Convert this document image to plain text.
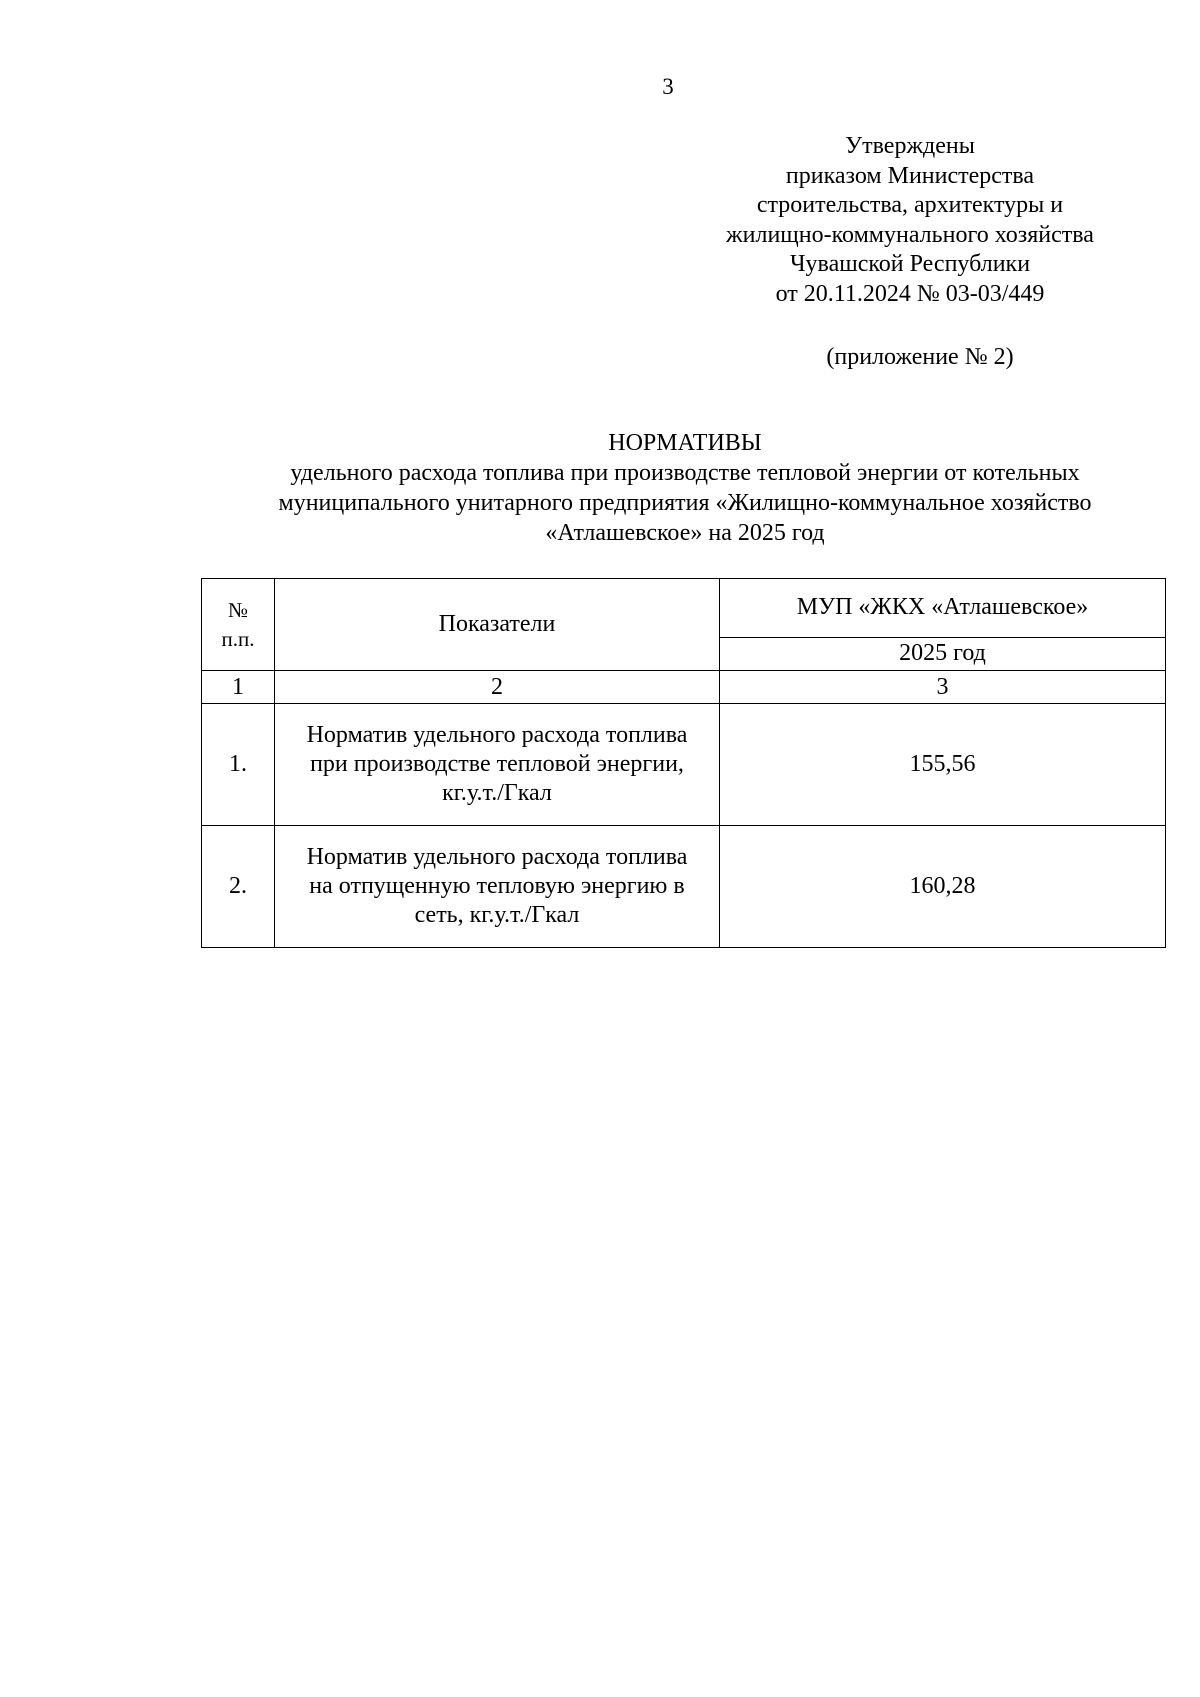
3
Утверждены
приказом Министерства
строительства, архитектуры и
жилищно-коммунального хозяйства
Чувашской Республики
от 20.11.2024 № 03-03/449
(приложение № 2)
НОРМАТИВЫ
удельного расхода топлива при производстве тепловой энергии от котельных
муниципального унитарного предприятия «Жилищно-коммунальное хозяйство
«Атлашевское» на 2025 год
№
п.п.	Показатели	МУП «ЖКХ «Атлашевское»
		2025 год
1	2	3
1.	Норматив удельного расхода топлива
при производстве тепловой энергии,
кг.у.т./Гкал	155,56
2.	Норматив удельного расхода топлива
на отпущенную тепловую энергию в
сеть, кг.у.т./Гкал	160,28
